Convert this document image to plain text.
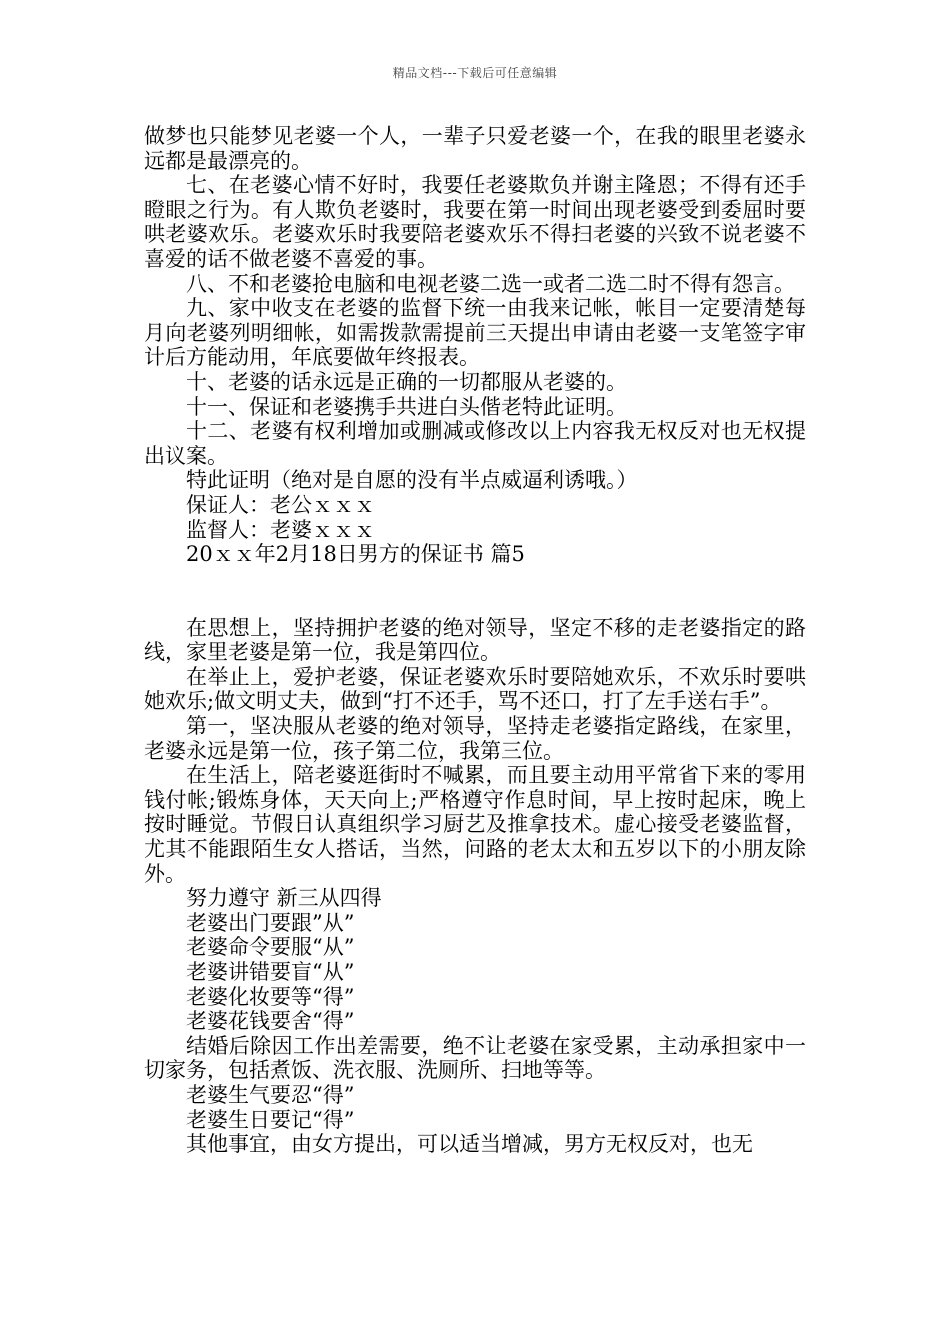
精品文档---下载后可任意编辑

做梦也只能梦见老婆一个人，一辈子只爱老婆一个，在我的眼里老婆永远都是最漂亮的。

七、在老婆心情不好时，我要任老婆欺负并谢主隆恩；不得有还手瞪眼之行为。有人欺负老婆时，我要在第一时间出现老婆受到委屈时要哄老婆欢乐。老婆欢乐时我要陪老婆欢乐不得扫老婆的兴致不说老婆不喜爱的话不做老婆不喜爱的事。

八、不和老婆抢电脑和电视老婆二选一或者二选二时不得有怨言。

九、家中收支在老婆的监督下统一由我来记帐，帐目一定要清楚每月向老婆列明细帐，如需拨款需提前三天提出申请由老婆一支笔签字审计后方能动用，年底要做年终报表。

十、老婆的话永远是正确的一切都服从老婆的。

十一、保证和老婆携手共进白头偕老特此证明。

十二、老婆有权利增加或删减或修改以上内容我无权反对也无权提出议案。

特此证明（绝对是自愿的没有半点威逼利诱哦。）

保证人：老公ｘｘｘ

监督人：老婆ｘｘｘ

20ｘｘ年2月18日男方的保证书 篇5

在思想上，坚持拥护老婆的绝对领导，坚定不移的走老婆指定的路线，家里老婆是第一位，我是第四位。

在举止上，爱护老婆，保证老婆欢乐时要陪她欢乐，不欢乐时要哄她欢乐;做文明丈夫，做到“打不还手，骂不还口，打了左手送右手”。

第一，坚决服从老婆的绝对领导，坚持走老婆指定路线，在家里，老婆永远是第一位，孩子第二位，我第三位。

在生活上，陪老婆逛街时不喊累，而且要主动用平常省下来的零用钱付帐;锻炼身体，天天向上;严格遵守作息时间，早上按时起床，晚上按时睡觉。节假日认真组织学习厨艺及推拿技术。虚心接受老婆监督，尤其不能跟陌生女人搭话，当然，问路的老太太和五岁以下的小朋友除外。

努力遵守 新三从四得

老婆出门要跟”从”

老婆命令要服“从”

老婆讲错要盲“从”

老婆化妆要等“得”

老婆花钱要舍“得”

结婚后除因工作出差需要，绝不让老婆在家受累，主动承担家中一切家务，包括煮饭、洗衣服、洗厕所、扫地等等。

老婆生气要忍“得”

老婆生日要记“得”

其他事宜，由女方提出，可以适当增减，男方无权反对，也无
